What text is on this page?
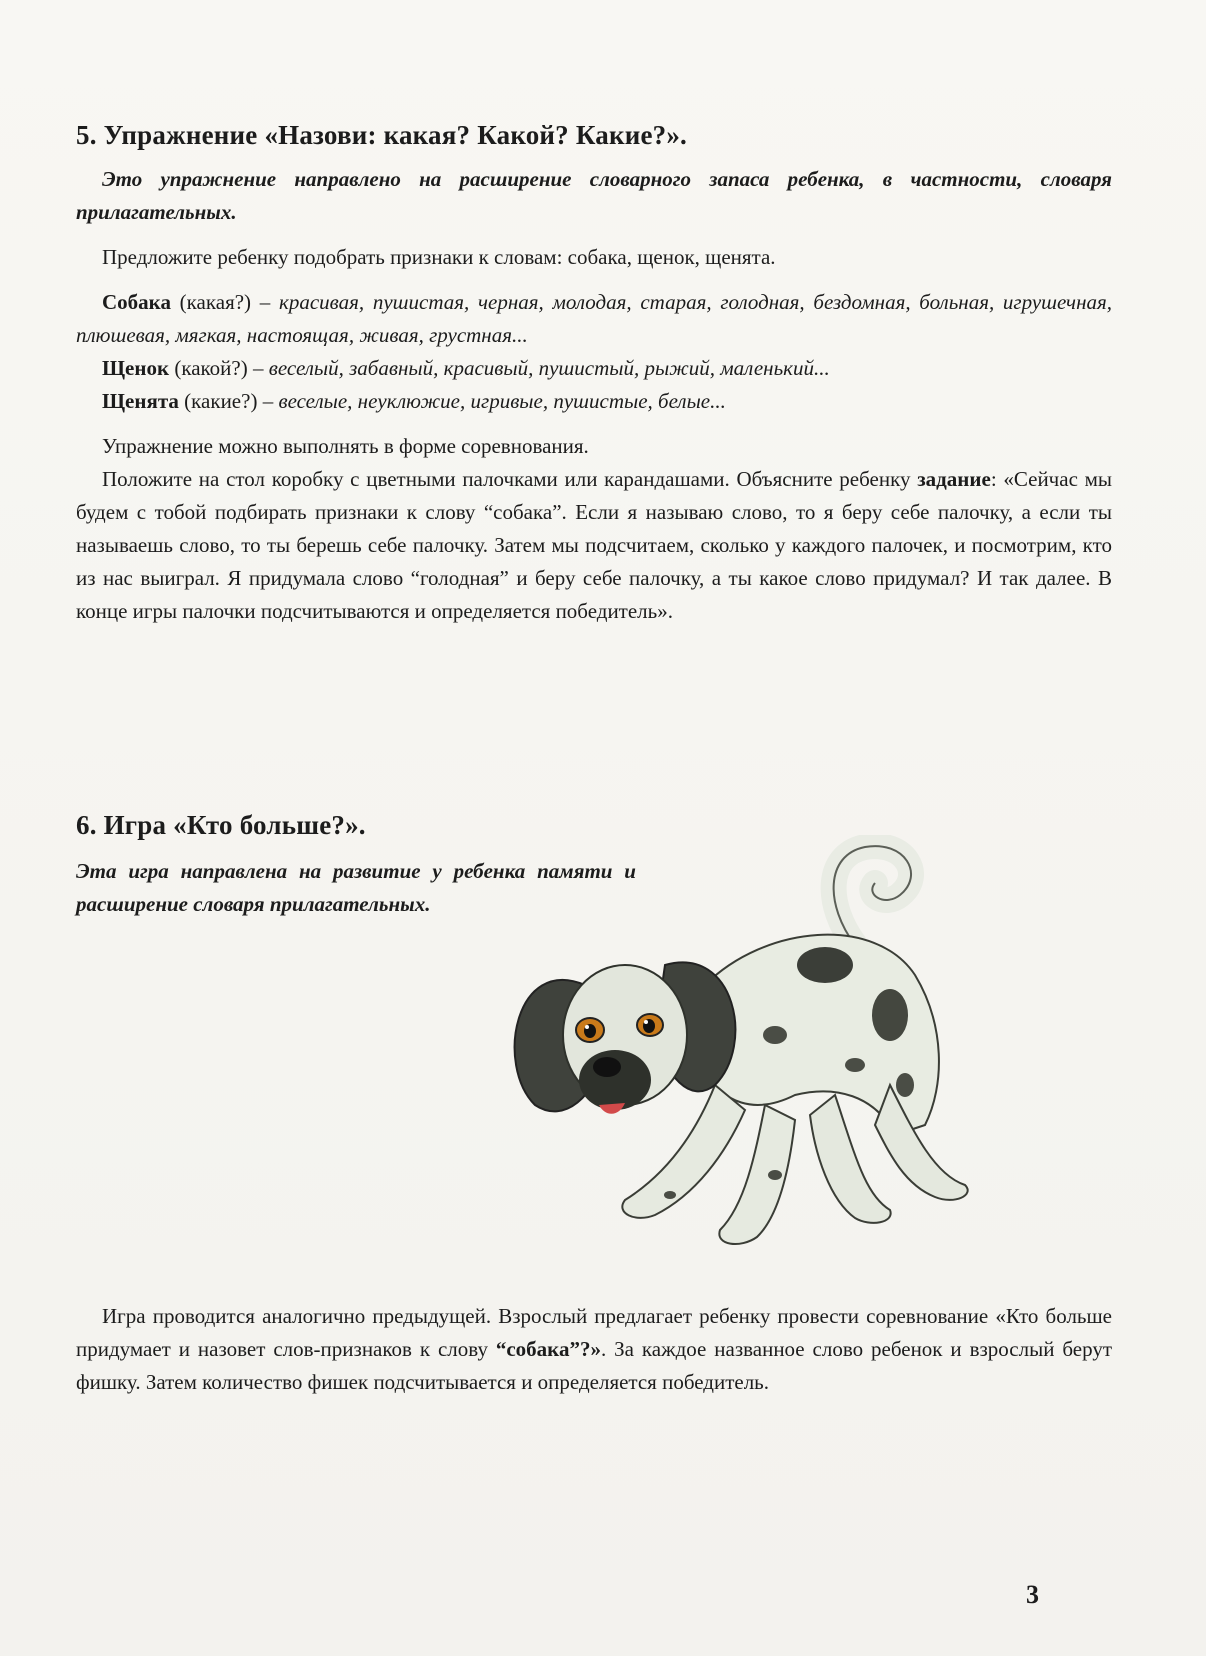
5. Упражнение «Назови: какая? Какой? Какие?».

Это упражнение направлено на расширение словарного запаса ребенка, в частности, словаря прилагательных.

Предложите ребенку подобрать признаки к словам: собака, щенок, щенята.

Собака (какая?) – красивая, пушистая, черная, молодая, старая, голодная, бездомная, больная, игрушечная, плюшевая, мягкая, настоящая, живая, грустная...

Щенок (какой?) – веселый, забавный, красивый, пушистый, рыжий, маленький...

Щенята (какие?) – веселые, неуклюжие, игривые, пушистые, белые...

Упражнение можно выполнять в форме соревнования.

Положите на стол коробку с цветными палочками или карандашами. Объясните ребенку задание: «Сейчас мы будем с тобой подбирать признаки к слову “собака”. Если я называю слово, то я беру себе палочку, а если ты называешь слово, то ты берешь себе палочку. Затем мы подсчитаем, сколько у каждого палочек, и посмотрим, кто из нас выиграл. Я придумала слово “голодная” и беру себе палочку, а ты какое слово придумал? И так далее. В конце игры палочки подсчитываются и определяется победитель».

6. Игра «Кто больше?».

Эта игра направлена на развитие у ребенка памяти и расширение словаря прилагательных.

Игра проводится аналогично предыдущей. Взрослый предлагает ребенку провести соревнование «Кто больше придумает и назовет слов-признаков к слову “собака”?». За каждое названное слово ребенок и взрослый берут фишку. Затем количество фишек подсчитывается и определяется победитель.

3
